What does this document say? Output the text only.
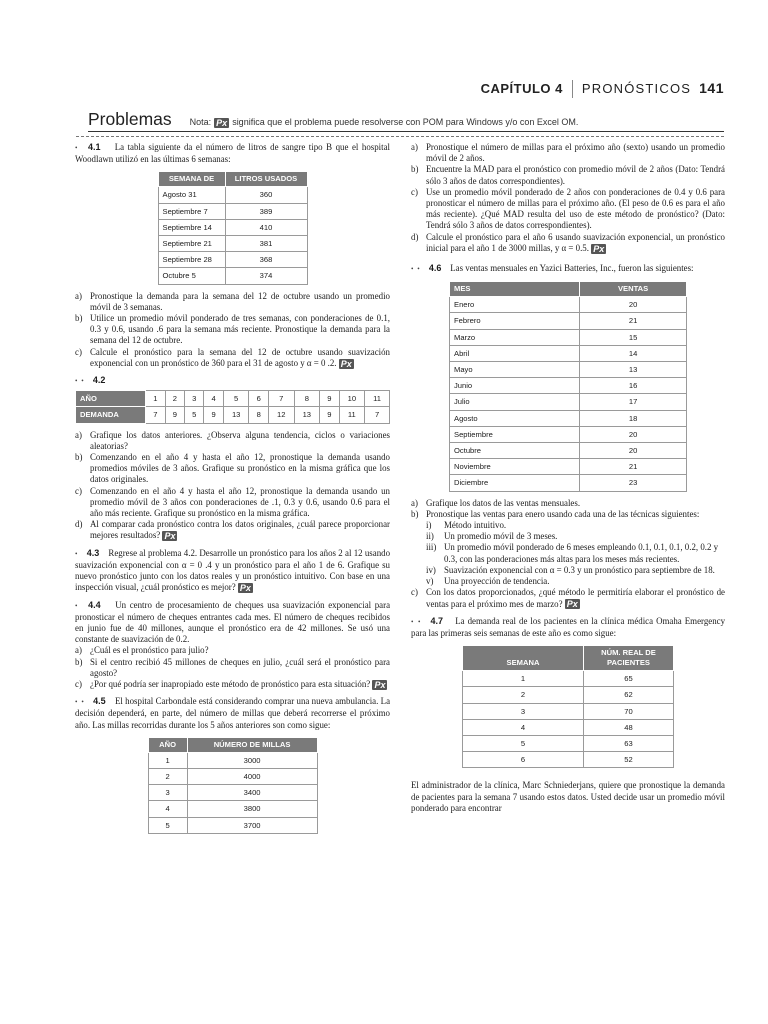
CAPÍTULO 4 PRONÓSTICOS 141
Problemas Nota: Px significa que el problema puede resolverse con POM para Windows y/o con Excel OM.

• 4.1 La tabla siguiente da el número de litros de sangre tipo B que el hospital Woodlawn utilizó en las últimas 6 semanas:

SEMANA DE	LITROS USADOS
Agosto 31	360
Septiembre 7	389
Septiembre 14	410
Septiembre 21	381
Septiembre 28	368
Octubre 5	374
a) Pronostique la demanda para la semana del 12 de octubre usando un promedio móvil de 3 semanas.
b) Utilice un promedio móvil ponderado de tres semanas, con ponderaciones de 0.1, 0.3 y 0.6, usando .6 para la semana más reciente. Pronostique la demanda para la semana del 12 de octubre.
c) Calcule el pronóstico para la semana del 12 de octubre usando suavización exponencial con un pronóstico de 360 para el 31 de agosto y α = 0 .2. Px

• • 4.2

AÑO	1	2	3	4	5	6	7	8	9	10	11
DEMANDA	7	9	5	9	13	8	12	13	9	11	7
a) Grafique los datos anteriores. ¿Observa alguna tendencia, ciclos o variaciones aleatorias?
b) Comenzando en el año 4 y hasta el año 12, pronostique la demanda usando promedios móviles de 3 años. Grafique su pronóstico en la misma gráfica que los datos originales.
c) Comenzando en el año 4 y hasta el año 12, pronostique la demanda usando un promedio móvil de 3 años con ponderaciones de .1, 0.3 y 0.6, usando 0.6 para el año más reciente. Grafique su pronóstico en la misma gráfica.
d) Al comparar cada pronóstico contra los datos originales, ¿cuál parece proporcionar mejores resultados? Px

• 4.3 Regrese al problema 4.2. Desarrolle un pronóstico para los años 2 al 12 usando suavización exponencial con α = 0 .4 y un pronóstico para el año 1 de 6. Grafique su nuevo pronóstico junto con los datos reales y un pronóstico intuitivo. Con base en una inspección visual, ¿cuál pronóstico es mejor? Px

• 4.4 Un centro de procesamiento de cheques usa suavización exponencial para pronosticar el número de cheques entrantes cada mes. El número de cheques recibidos en junio fue de 40 millones, aunque el pronóstico era de 42 millones. Se usó una constante de suavización de 0.2.

a) ¿Cuál es el pronóstico para julio?
b) Si el centro recibió 45 millones de cheques en julio, ¿cuál será el pronóstico para agosto?
c) ¿Por qué podría ser inapropiado este método de pronóstico para esta situación? Px

• • 4.5 El hospital Carbondale está considerando comprar una nueva ambulancia. La decisión dependerá, en parte, del número de millas que deberá recorrerse el próximo año. Las millas recorridas durante los 5 años anteriores son como sigue:

AÑO	NÚMERO DE MILLAS
1	3000
2	4000
3	3400
4	3800
5	3700
a) Pronostique el número de millas para el próximo año (sexto) usando un promedio móvil de 2 años.
b) Encuentre la MAD para el pronóstico con promedio móvil de 2 años (Dato: Tendrá sólo 3 años de datos correspondientes).
c) Use un promedio móvil ponderado de 2 años con ponderaciones de 0.4 y 0.6 para pronosticar el número de millas para el próximo año. (El peso de 0.6 es para el año más reciente). ¿Qué MAD resulta del uso de este método de pronóstico? (Dato: Tendrá sólo 3 años de datos correspondientes).
d) Calcule el pronóstico para el año 6 usando suavización exponencial, un pronóstico inicial para el año 1 de 3000 millas, y α = 0.5. Px

• • 4.6 Las ventas mensuales en Yazici Batteries, Inc., fueron las siguientes:

MES	VENTAS
Enero	20
Febrero	21
Marzo	15
Abril	14
Mayo	13
Junio	16
Julio	17
Agosto	18
Septiembre	20
Octubre	20
Noviembre	21
Diciembre	23
a) Grafique los datos de las ventas mensuales.
b) Pronostique las ventas para enero usando cada una de las técnicas siguientes:
i)	Método intuitivo.
ii)	Un promedio móvil de 3 meses.
iii) Un promedio móvil ponderado de 6 meses empleando 0.1, 0.1, 0.1, 0.2, 0.2 y 0.3, con las ponderaciones más altas para los meses más recientes.
iv) Suavización exponencial con α = 0.3 y un pronóstico para septiembre de 18.
v)	Una proyección de tendencia.
c) Con los datos proporcionados, ¿qué método le permitiría elaborar el pronóstico de ventas para el próximo mes de marzo? Px

• • 4.7 La demanda real de los pacientes en la clínica médica Omaha Emergency para las primeras seis semanas de este año es como sigue:

SEMANA	NÚM. REAL DE PACIENTES
1	65
2	62
3	70
4	48
5	63
6	52

El administrador de la clínica, Marc Schniederjans, quiere que pronostique la demanda de pacientes para la semana 7 usando estos datos. Usted decide usar un promedio móvil ponderado para encontrar
